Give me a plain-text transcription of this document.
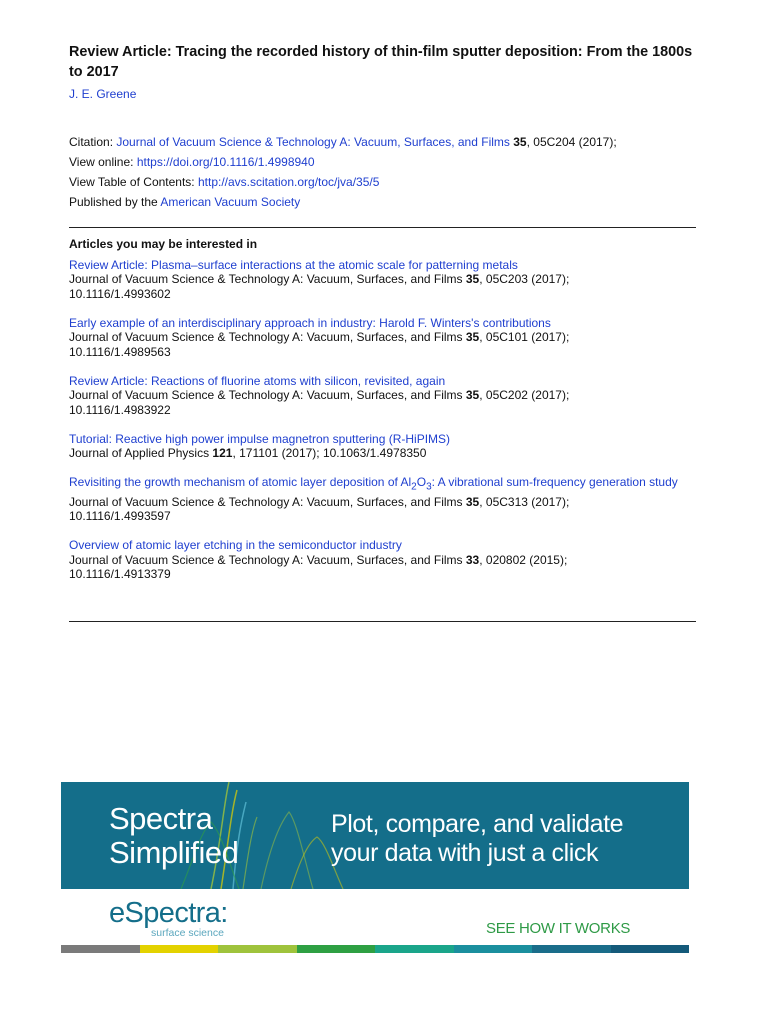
Review Article: Tracing the recorded history of thin-film sputter deposition: From the 1800s to 2017
J. E. Greene
Citation: Journal of Vacuum Science & Technology A: Vacuum, Surfaces, and Films 35, 05C204 (2017);
View online: https://doi.org/10.1116/1.4998940
View Table of Contents: http://avs.scitation.org/toc/jva/35/5
Published by the American Vacuum Society
Articles you may be interested in
Review Article: Plasma–surface interactions at the atomic scale for patterning metals
Journal of Vacuum Science & Technology A: Vacuum, Surfaces, and Films 35, 05C203 (2017);
10.1116/1.4993602
Early example of an interdisciplinary approach in industry: Harold F. Winters's contributions
Journal of Vacuum Science & Technology A: Vacuum, Surfaces, and Films 35, 05C101 (2017);
10.1116/1.4989563
Review Article: Reactions of fluorine atoms with silicon, revisited, again
Journal of Vacuum Science & Technology A: Vacuum, Surfaces, and Films 35, 05C202 (2017);
10.1116/1.4983922
Tutorial: Reactive high power impulse magnetron sputtering (R-HiPIMS)
Journal of Applied Physics 121, 171101 (2017); 10.1063/1.4978350
Revisiting the growth mechanism of atomic layer deposition of $Al_2O_3$: A vibrational sum-frequency generation study
Journal of Vacuum Science & Technology A: Vacuum, Surfaces, and Films 35, 05C313 (2017);
10.1116/1.4993597
Overview of atomic layer etching in the semiconductor industry
Journal of Vacuum Science & Technology A: Vacuum, Surfaces, and Films 33, 020802 (2015);
10.1116/1.4913379
Spectra
Simplified
Plot, compare, and validate
your data with just a click
eSpectra:
surface science	SEE HOW IT WORKS
